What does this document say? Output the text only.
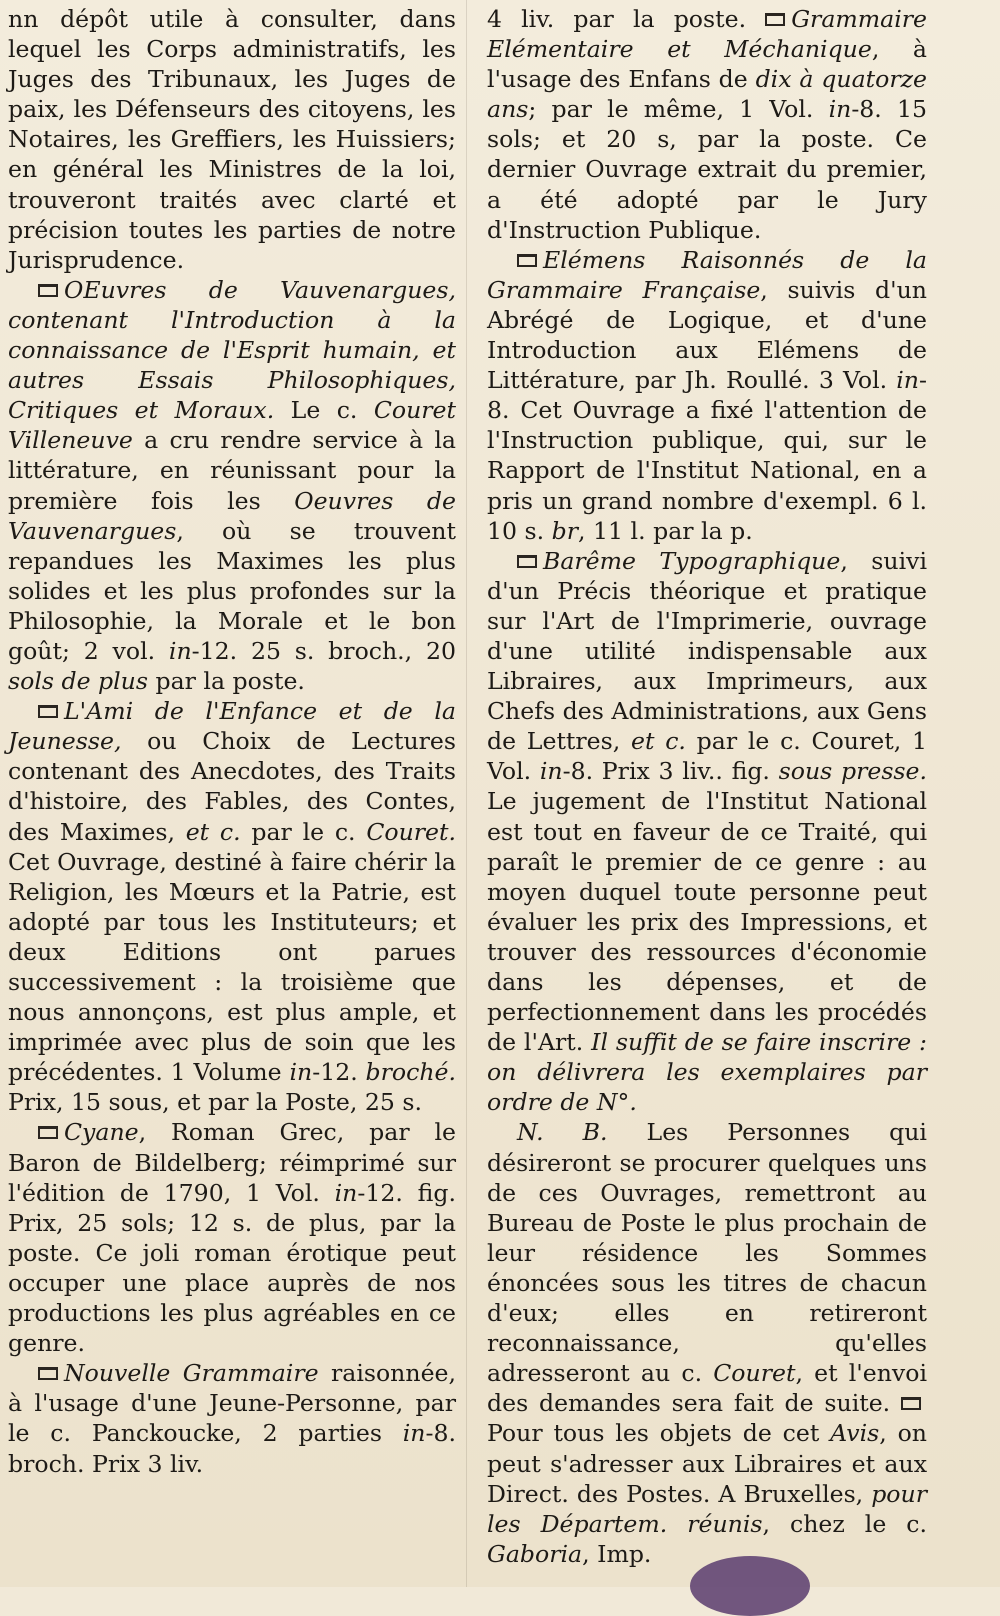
nn dépôt utile à consulter, dans lequel les Corps administratifs, les Juges des Tribunaux, les Juges de paix, les Défenseurs des citoyens, les Notaires, les Greffiers, les Huissiers; en général les Ministres de la loi, trouveront traités avec clarté et précision toutes les parties de notre Jurisprudence.

OEuvres de Vauvenargues, contenant l'Introduction à la connaissance de l'Esprit humain, et autres Essais Philosophiques, Critiques et Moraux. Le c. Couret Villeneuve a cru rendre service à la littérature, en réunissant pour la première fois les Oeuvres de Vauvenargues, où se trouvent repandues les Maximes les plus solides et les plus profondes sur la Philosophie, la Morale et le bon goût; 2 vol. in-12. 25 s. broch., 20 sols de plus par la poste.

L'Ami de l'Enfance et de la Jeunesse, ou Choix de Lectures contenant des Anecdotes, des Traits d'histoire, des Fables, des Contes, des Maximes, et c. par le c. Couret. Cet Ouvrage, destiné à faire chérir la Religion, les Mœurs et la Patrie, est adopté par tous les Instituteurs; et deux Editions ont parues successivement : la troisième que nous annonçons, est plus ample, et imprimée avec plus de soin que les précédentes. 1 Volume in-12. broché. Prix, 15 sous, et par la Poste, 25 s.

Cyane, Roman Grec, par le Baron de Bildelberg; réimprimé sur l'édition de 1790, 1 Vol. in-12. fig. Prix, 25 sols; 12 s. de plus, par la poste. Ce joli roman érotique peut occuper une place auprès de nos productions les plus agréables en ce genre.

Nouvelle Grammaire raisonnée, à l'usage d'une Jeune-Personne, par le c. Panckoucke, 2 parties in-8. broch. Prix 3 liv.

4 liv. par la poste. Grammaire Elémentaire et Méchanique, à l'usage des Enfans de dix à quatorze ans; par le même, 1 Vol. in-8. 15 sols; et 20 s, par la poste. Ce dernier Ouvrage extrait du premier, a été adopté par le Jury d'Instruction Publique.

Elémens Raisonnés de la Grammaire Française, suivis d'un Abrégé de Logique, et d'une Introduction aux Elémens de Littérature, par Jh. Roullé. 3 Vol. in-8. Cet Ouvrage a fixé l'attention de l'Instruction publique, qui, sur le Rapport de l'Institut National, en a pris un grand nombre d'exempl. 6 l. 10 s. br, 11 l. par la p.

Barême Typographique, suivi d'un Précis théorique et pratique sur l'Art de l'Imprimerie, ouvrage d'une utilité indispensable aux Libraires, aux Imprimeurs, aux Chefs des Administrations, aux Gens de Lettres, et c. par le c. Couret, 1 Vol. in-8. Prix 3 liv.. fig. sous presse. Le jugement de l'Institut National est tout en faveur de ce Traité, qui paraît le premier de ce genre : au moyen duquel toute personne peut évaluer les prix des Impressions, et trouver des ressources d'économie dans les dépenses, et de perfectionnement dans les procédés de l'Art. Il suffit de se faire inscrire : on délivrera les exemplaires par ordre de N°.

N. B. Les Personnes qui désireront se procurer quelques uns de ces Ouvrages, remettront au Bureau de Poste le plus prochain de leur résidence les Sommes énoncées sous les titres de chacun d'eux; elles en retireront reconnaissance, qu'elles adresseront au c. Couret, et l'envoi des demandes sera fait de suite.  Pour tous les objets de cet Avis, on peut s'adresser aux Libraires et aux Direct. des Postes. A Bruxelles, pour les Départem. réunis, chez le c. Gaboria, Imp.
